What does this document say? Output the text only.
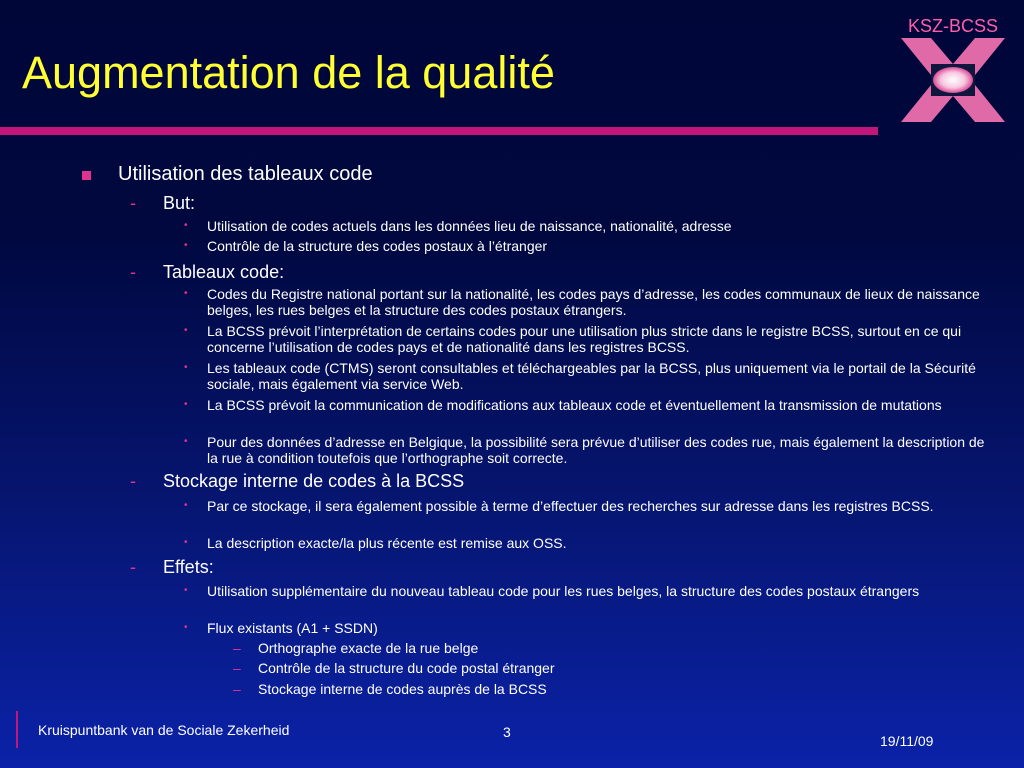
Augmentation de la qualité
KSZ-BCSS
Utilisation des tableaux code
- But:
• Utilisation de codes actuels dans les données lieu de naissance, nationalité, adresse
• Contrôle de la structure des codes postaux à l’étranger
- Tableaux code:
• Codes du Registre national portant sur la nationalité, les codes pays d’adresse, les codes communaux de lieux de naissance belges, les rues belges et la structure des codes postaux étrangers.
• La BCSS prévoit l’interprétation de certains codes pour une utilisation plus stricte dans le registre BCSS, surtout en ce qui concerne l’utilisation de codes pays et de nationalité dans les registres BCSS.
• Les tableaux code (CTMS) seront consultables et téléchargeables par la BCSS, plus uniquement via le portail de la Sécurité sociale, mais également via service Web.
• La BCSS prévoit la communication de modifications aux tableaux code et éventuellement la transmission de mutations
• Pour des données d’adresse en Belgique, la possibilité sera prévue d’utiliser des codes rue, mais également la description de la rue à condition toutefois que l’orthographe soit correcte.
- Stockage interne de codes à la BCSS
• Par ce stockage, il sera également possible à terme d’effectuer des recherches sur adresse dans les registres BCSS.
• La description exacte/la plus récente est remise aux OSS.
- Effets:
• Utilisation supplémentaire du nouveau tableau code pour les rues belges, la structure des codes postaux étrangers
• Flux existants (A1 + SSDN)
– Orthographe exacte de la rue belge
– Contrôle de la structure du code postal étranger
– Stockage interne de codes auprès de la BCSS
Kruispuntbank van de Sociale Zekerheid	3
19/11/09
